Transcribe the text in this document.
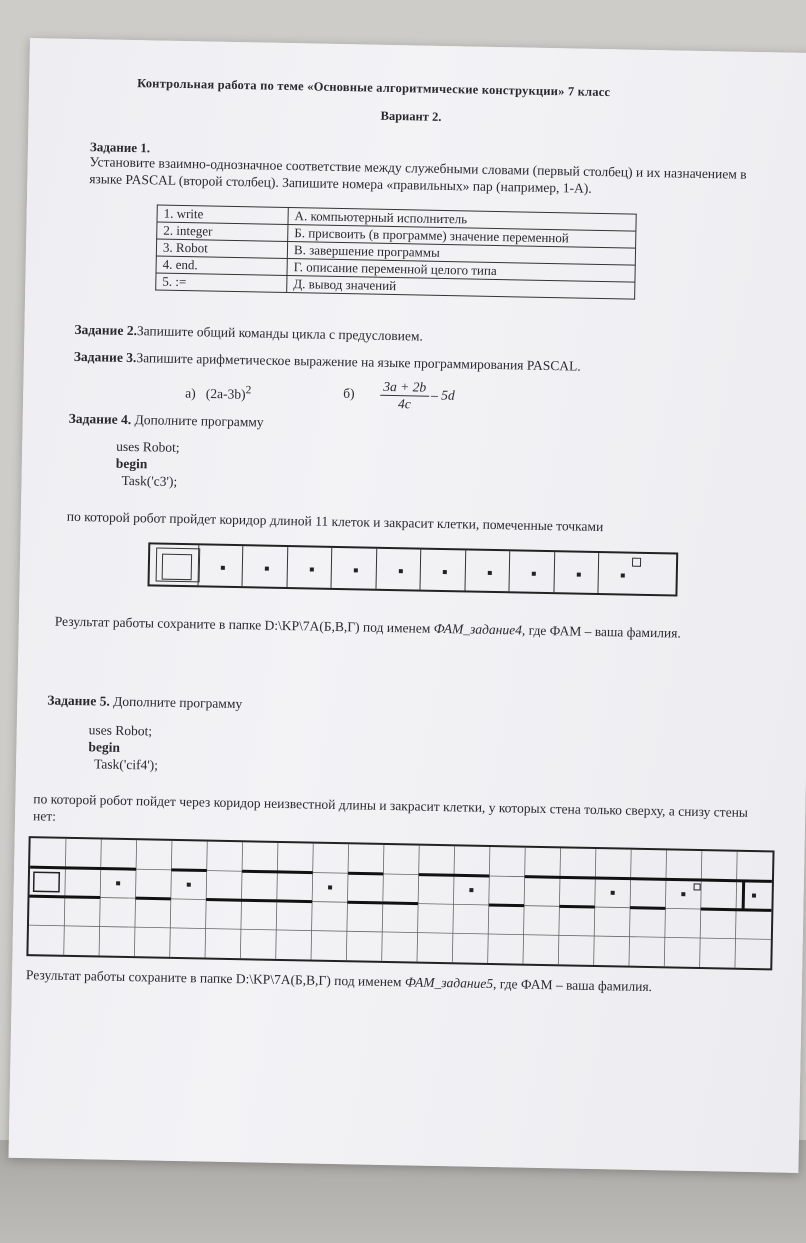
Контрольная работа по теме «Основные алгоритмические конструкции» 7 класс
Вариант 2.
Задание 1.
Установите взаимно-однозначное соответствие между служебными словами (первый столбец) и их назначением в языке PASCAL (второй столбец). Запишите номера «правильных» пар (например, 1-А).
1. write	А. компьютерный исполнитель
2. integer	Б. присвоить (в программе) значение переменной
3. Robot	В. завершение программы
4. end.	Г. описание переменной целого типа
5. :=	Д. вывод значений
Задание 2.Запишите общий команды цикла с предусловием.
Задание 3.Запишите арифметическое выражение на языке программирования PASCAL.
а) $(2a-3b)^2$	$б) \frac{3a + 2b}{4c} - 5d$
Задание 4. Дополните программу
uses Robot;
begin
Task('c3');
по которой робот пройдет коридор длиной 11 клеток и закрасит клетки, помеченные точками
Результат работы сохраните в папке D:\KP\7A(Б,В,Г) под именем ФАМ_задание4, где ФАМ – ваша фамилия.
Задание 5. Дополните программу
uses Robot;
begin
Task('cif4');
по которой робот пойдет через коридор неизвестной длины и закрасит клетки, у которых стена только сверху, а снизу стены нет:
Результат работы сохраните в папке D:\KP\7A(Б,В,Г) под именем ФАМ_задание5, где ФАМ – ваша фамилия.
